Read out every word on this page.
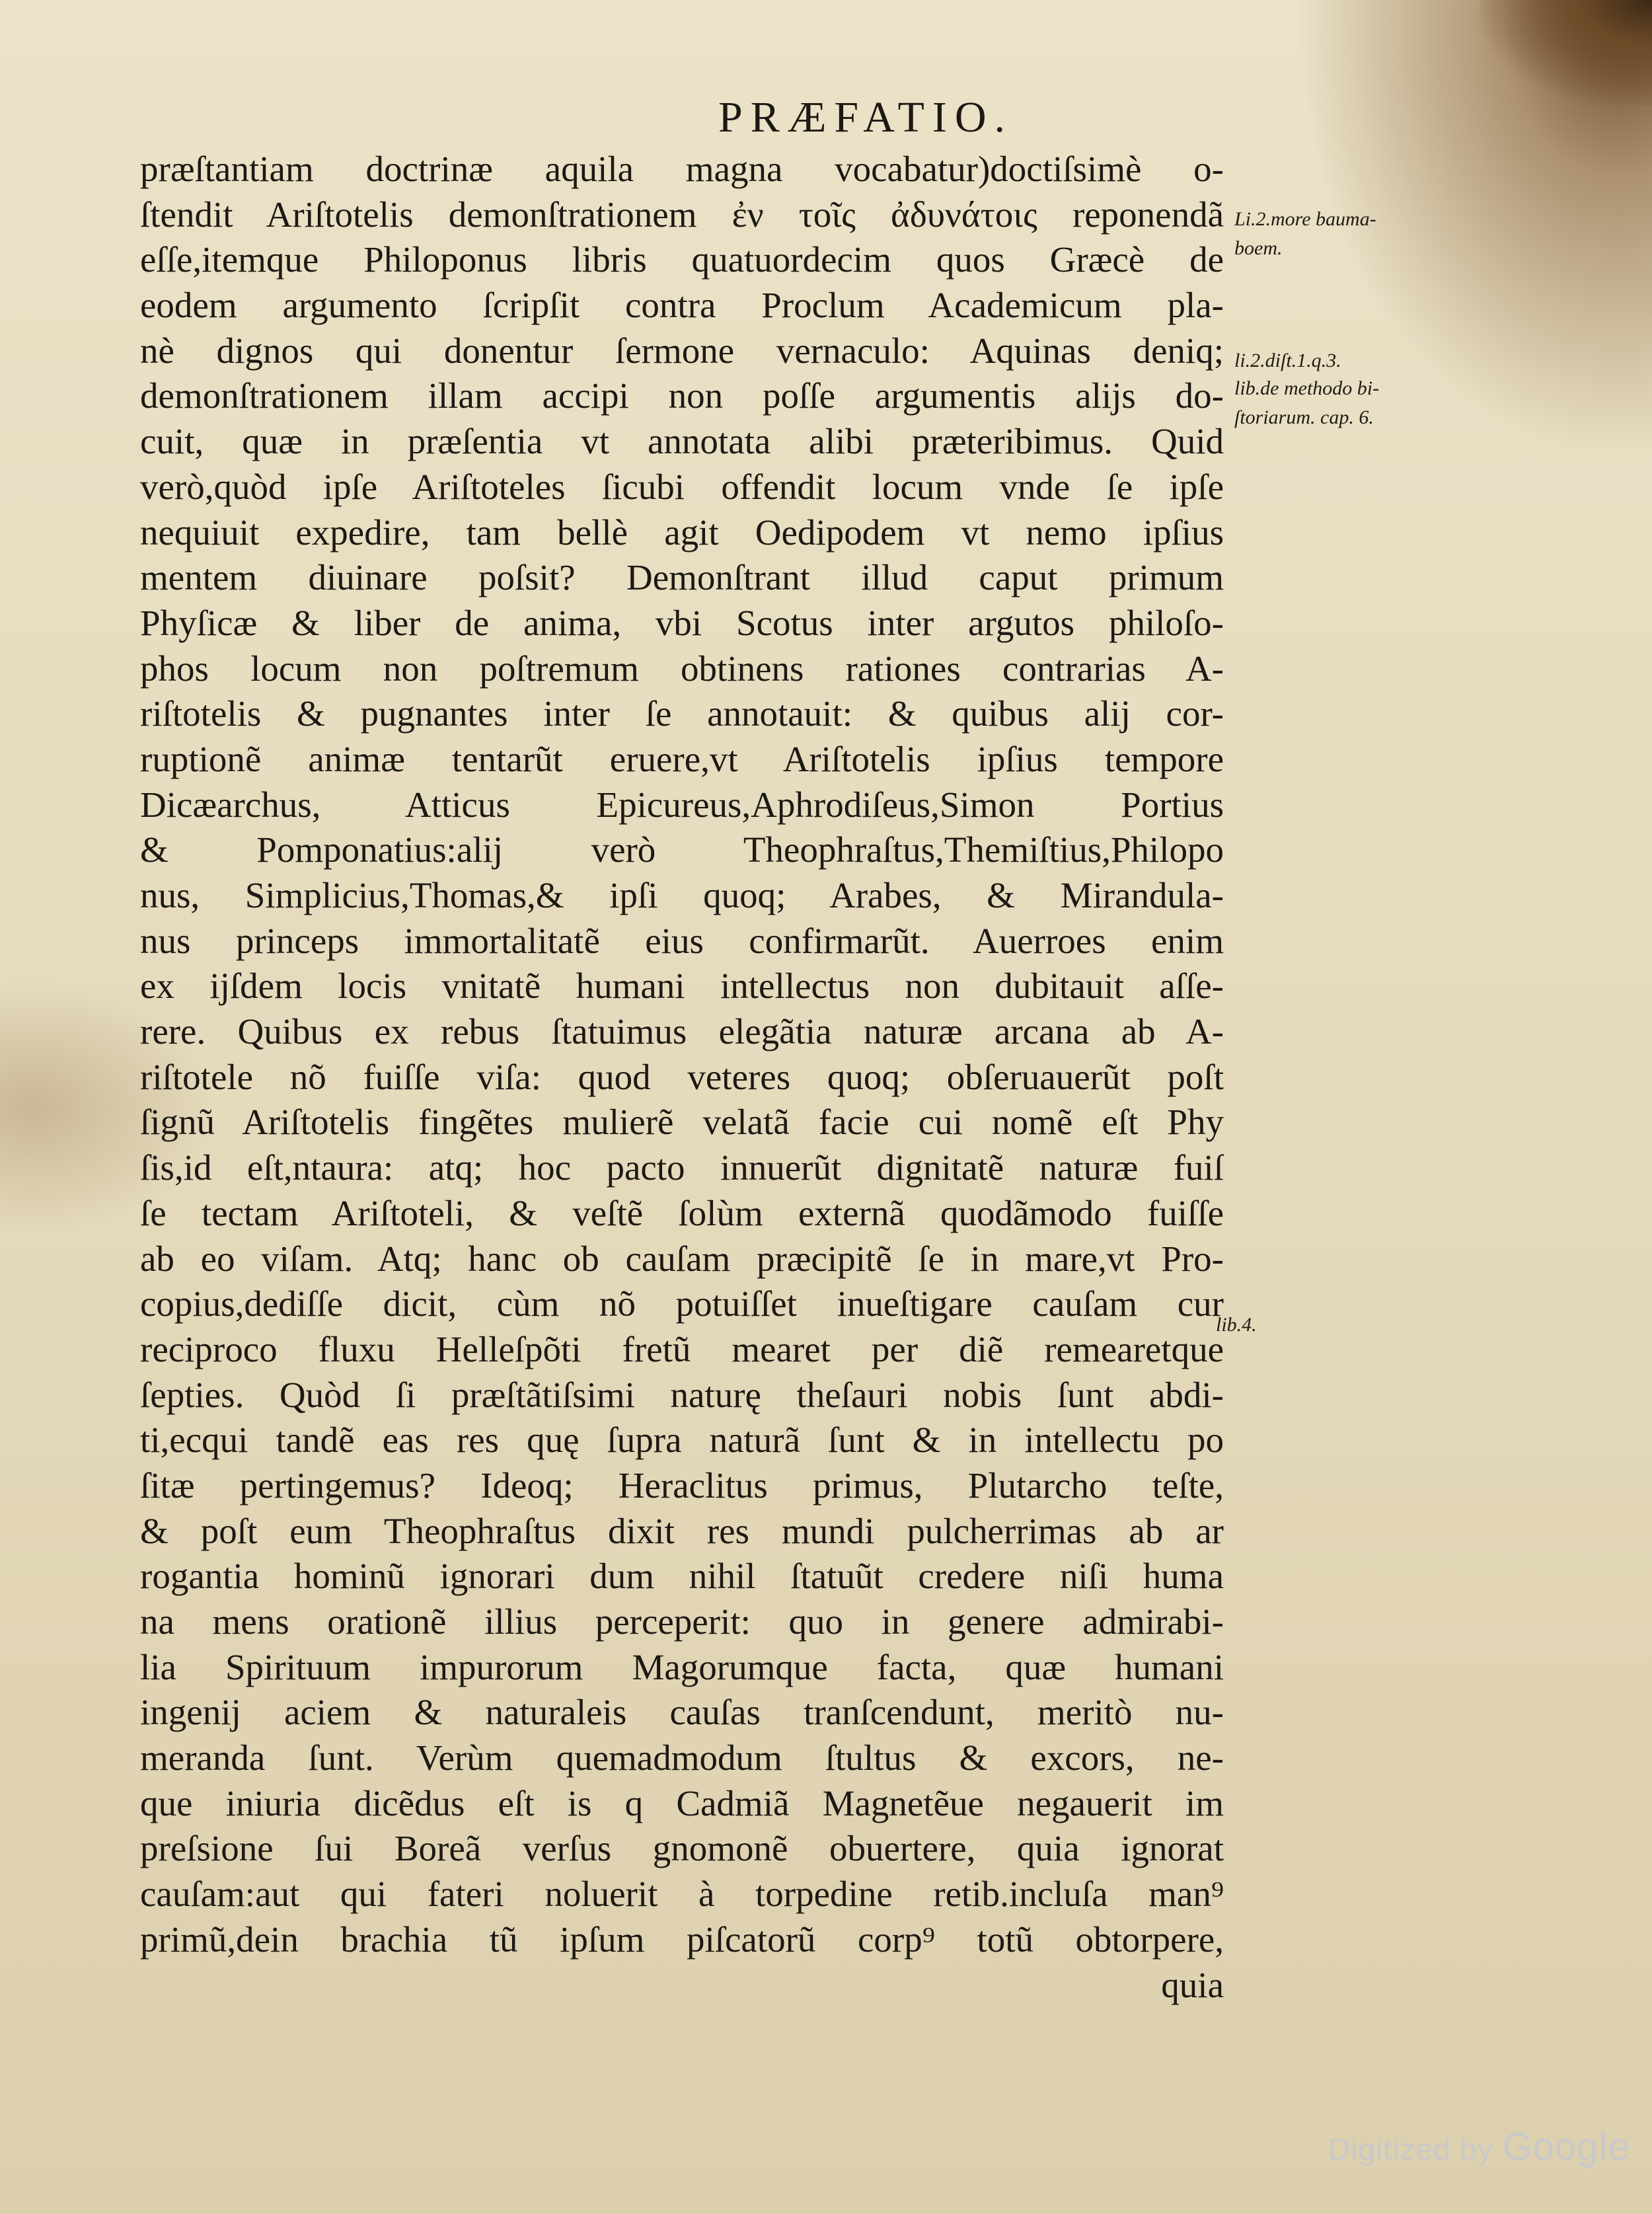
PRÆFATIO.
præſtantiam doctrinæ aquila magna vocabatur)doctiſsimè o-
ſtendit Ariſtotelis demonſtrationem ἐν τοῖς ἀδυνάτοις reponendã
eſſe,itemque Philoponus libris quatuordecim quos Græcè de
eodem argumento ſcripſit contra Proclum Academicum pla-
nè dignos qui donentur ſermone vernaculo: Aquinas deniq;
demonſtrationem illam accipi non poſſe argumentis alijs do-
cuit, quæ in præſentia vt annotata alibi præteribimus. Quid
verò,quòd ipſe Ariſtoteles ſicubi offendit locum vnde ſe ipſe
nequiuit expedire, tam bellè agit Oedipodem vt nemo ipſius
mentem diuinare poſsit? Demonſtrant illud caput primum
Phyſicæ & liber de anima, vbi Scotus inter argutos philoſo-
phos locum non poſtremum obtinens rationes contrarias A-
riſtotelis & pugnantes inter ſe annotauit: & quibus alij cor-
ruptionẽ animæ tentarũt eruere,vt Ariſtotelis ipſius tempore
Dicæarchus, Atticus Epicureus,Aphrodiſeus,Simon Portius
& Pomponatius:alij verò Theophraſtus,Themiſtius,Philopo
nus, Simplicius,Thomas,& ipſi quoq; Arabes, & Mirandula-
nus princeps immortalitatẽ eius confirmarũt. Auerroes enim
ex ijſdem locis vnitatẽ humani intellectus non dubitauit aſſe-
rere. Quibus ex rebus ſtatuimus elegãtia naturæ arcana ab A-
riſtotele nõ fuiſſe viſa: quod veteres quoq; obſeruauerũt poſt
ſignũ Ariſtotelis fingẽtes mulierẽ velatã facie cui nomẽ eſt Phy
ſis,id eſt,ntaura: atq; hoc pacto innuerũt dignitatẽ naturæ fuiſ
ſe tectam Ariſtoteli, & veſtẽ ſolùm externã quodãmodo fuiſſe
ab eo viſam. Atq; hanc ob cauſam præcipitẽ ſe in mare,vt Pro-
copius,dediſſe dicit, cùm nõ potuiſſet inueſtigare cauſam cur
reciproco fluxu Helleſpõti fretũ mearet per diẽ remearetque
ſepties. Quòd ſi præſtãtiſsimi naturę theſauri nobis ſunt abdi-
ti,ecqui tandẽ eas res quę ſupra naturã ſunt & in intellectu po
ſitæ pertingemus? Ideoq; Heraclitus primus, Plutarcho teſte,
& poſt eum Theophraſtus dixit res mundi pulcherrimas ab ar
rogantia hominũ ignorari dum nihil ſtatuũt credere niſi huma
na mens orationẽ illius perceperit: quo in genere admirabi-
lia Spirituum impurorum Magorumque facta, quæ humani
ingenij aciem & naturaleis cauſas tranſcendunt, meritò nu-
meranda ſunt. Verùm quemadmodum ſtultus & excors, ne-
que iniuria dicẽdus eſt is q Cadmiã Magnetẽue negauerit im
preſsione ſui Boreã verſus gnomonẽ obuertere, quia ignorat
cauſam:aut qui fateri noluerit à torpedine retib.incluſa man⁹
primũ,dein brachia tũ ipſum piſcatorũ corp⁹ totũ obtorpere,
quia
Li.2.more bauma-
boem.
li.2.diſt.1.q.3.
lib.de methodo bi-
ſtoriarum. cap. 6.
lib.4.
Digitized by Google
